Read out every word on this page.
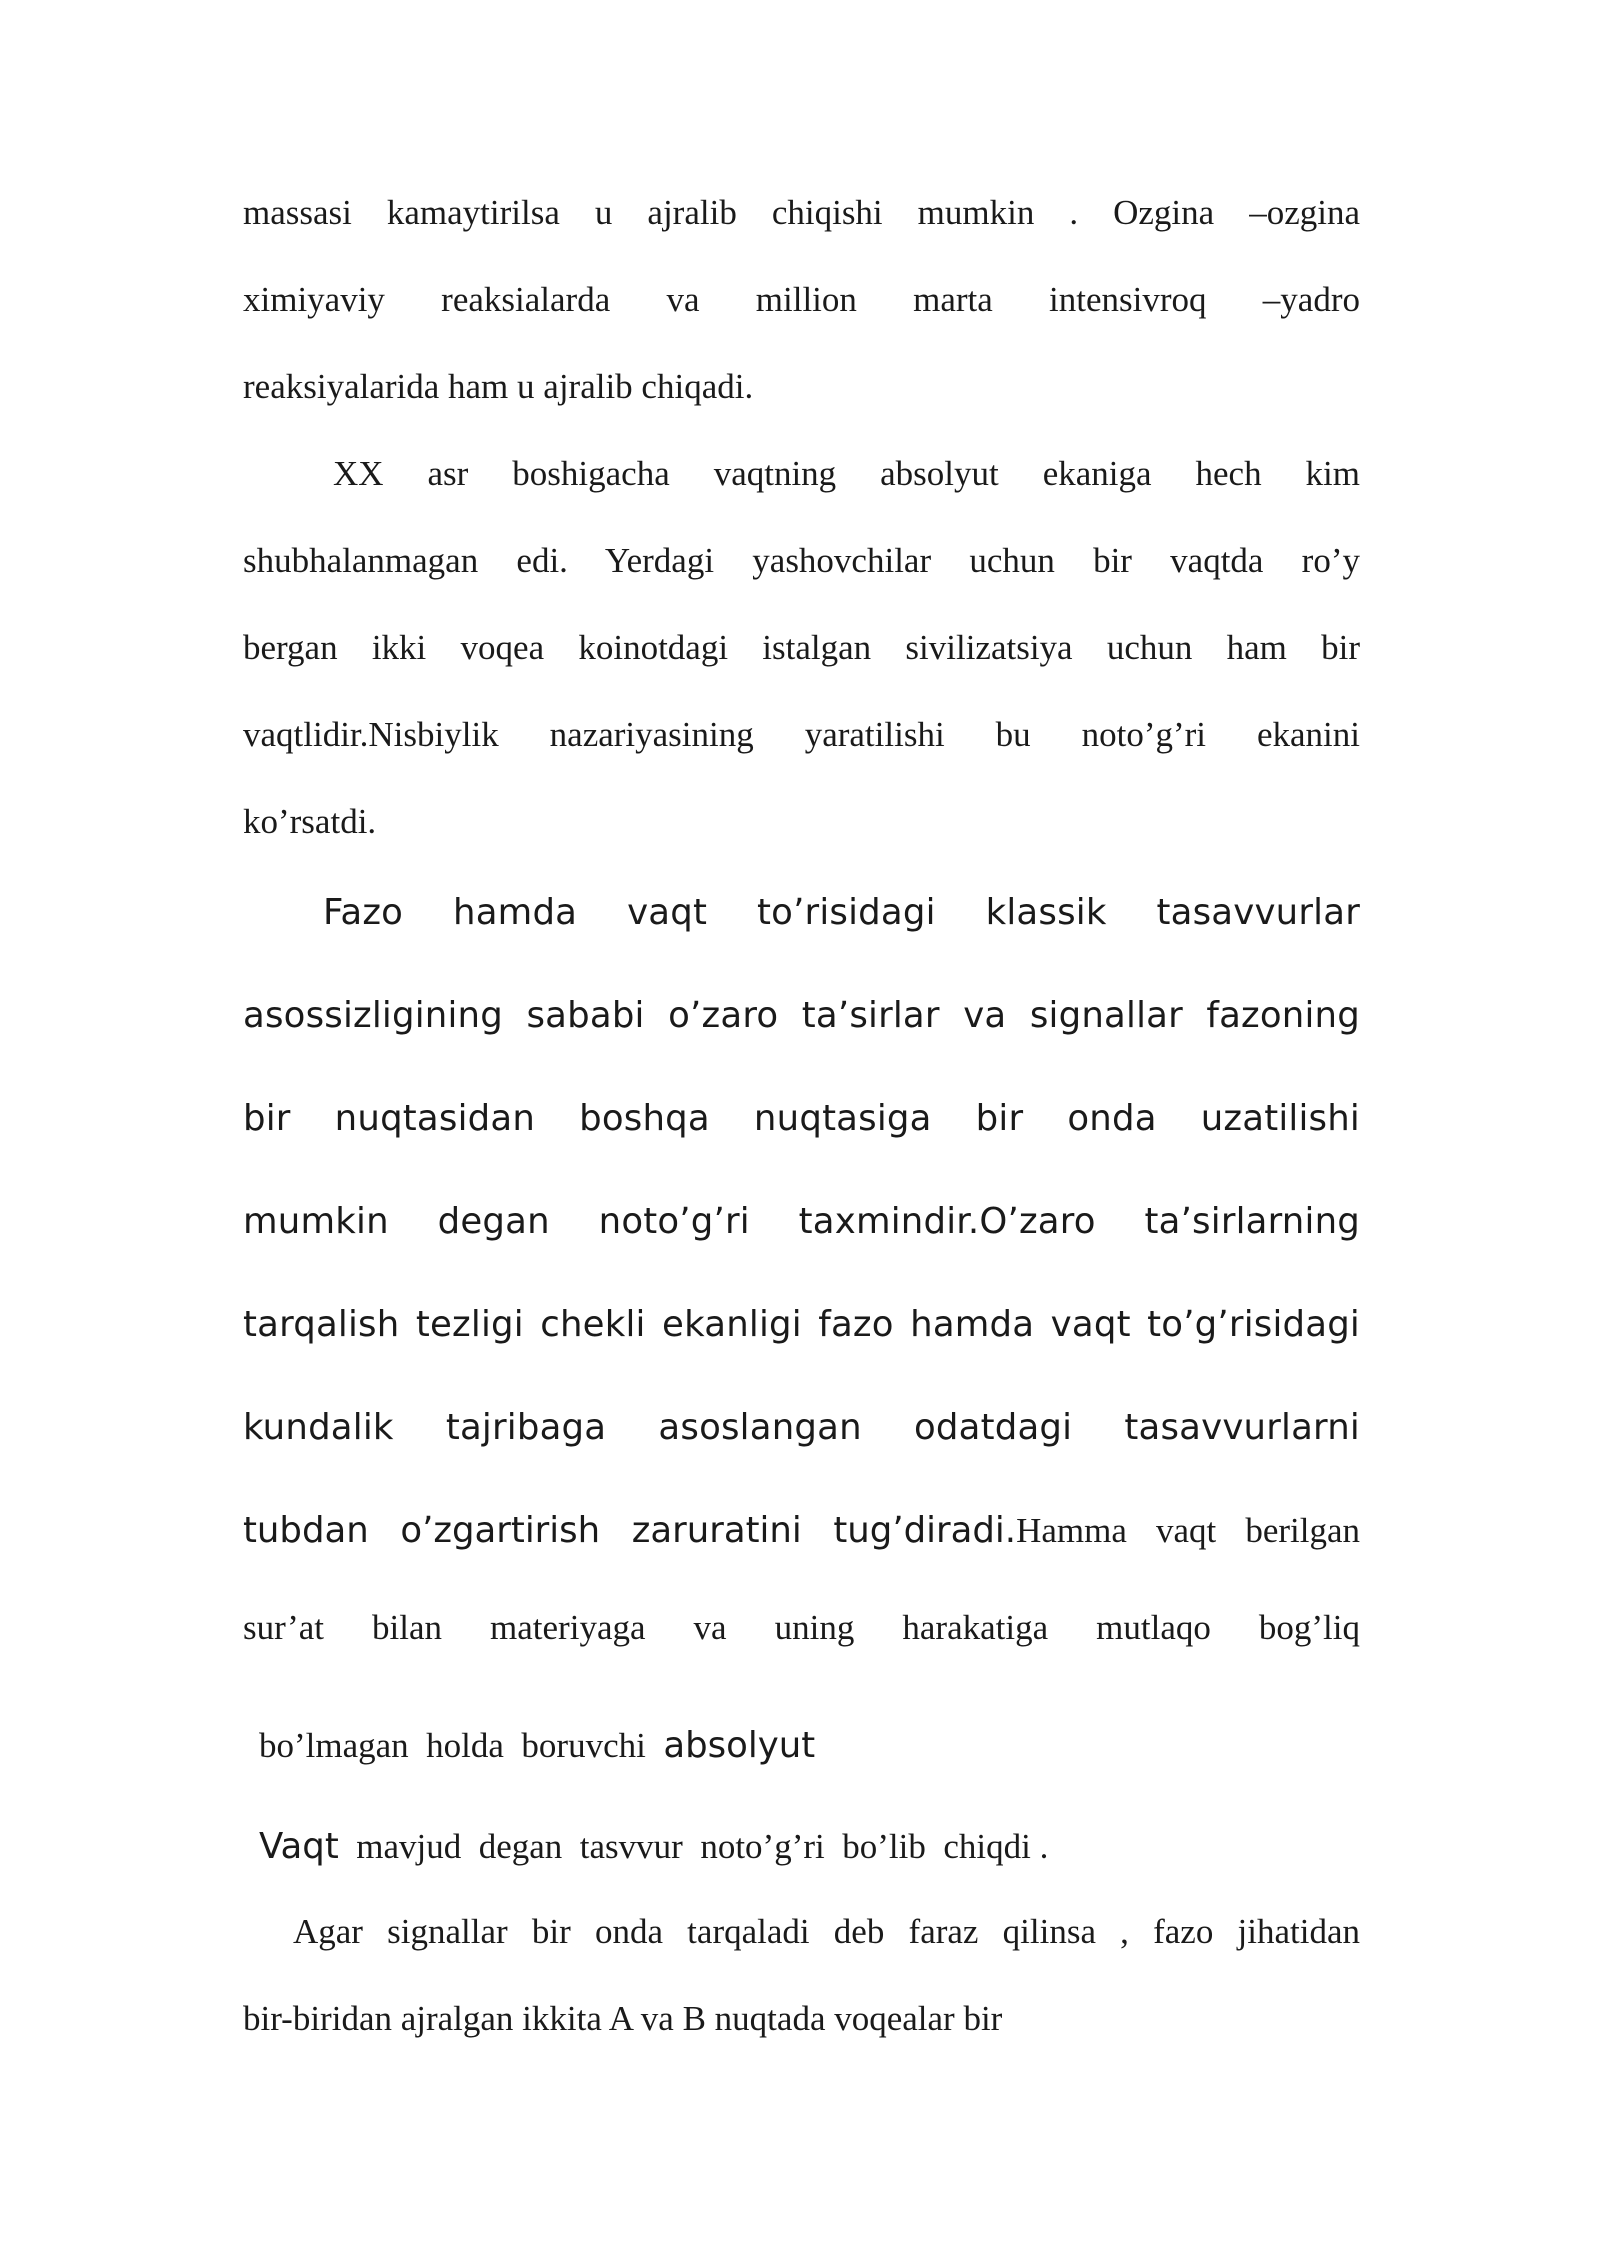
massasi kamaytirilsa u ajralib chiqishi mumkin . Ozgina –ozgina
ximiyaviy reaksialarda va million marta intensivroq –yadro
reaksiyalarida ham u ajralib chiqadi.
XX asr boshigacha vaqtning absolyut ekaniga hech kim
shubhalanmagan edi. Yerdagi yashovchilar uchun bir vaqtda ro’y
bergan ikki voqea koinotdagi istalgan sivilizatsiya uchun ham bir
vaqtlidir.Nisbiylik nazariyasining yaratilishi bu noto’g’ri ekanini
ko’rsatdi.
Fazo hamda vaqt to’risidagi klassik tasavvurlar
asossizligining sababi o’zaro ta’sirlar va signallar fazoning
bir nuqtasidan boshqa nuqtasiga bir onda uzatilishi
mumkin degan noto’g’ri taxmindir.O’zaro ta’sirlarning
tarqalish tezligi chekli ekanligi fazo hamda vaqt to’g’risidagi
kundalik tajribaga asoslangan odatdagi tasavvurlarni
tubdan o’zgartirish zaruratini tug’diradi.Hamma vaqt berilgan
sur’at bilan materiyaga va uning harakatiga mutlaqo bog’liq

bo’lmagan  holda  boruvchi  absolyut

Vaqt  mavjud  degan  tasvvur  noto’g’ri  bo’lib  chiqdi .

Agar signallar bir onda tarqaladi deb faraz qilinsa , fazo jihatidan
bir-biridan ajralgan ikkita A va B nuqtada voqealar bir
